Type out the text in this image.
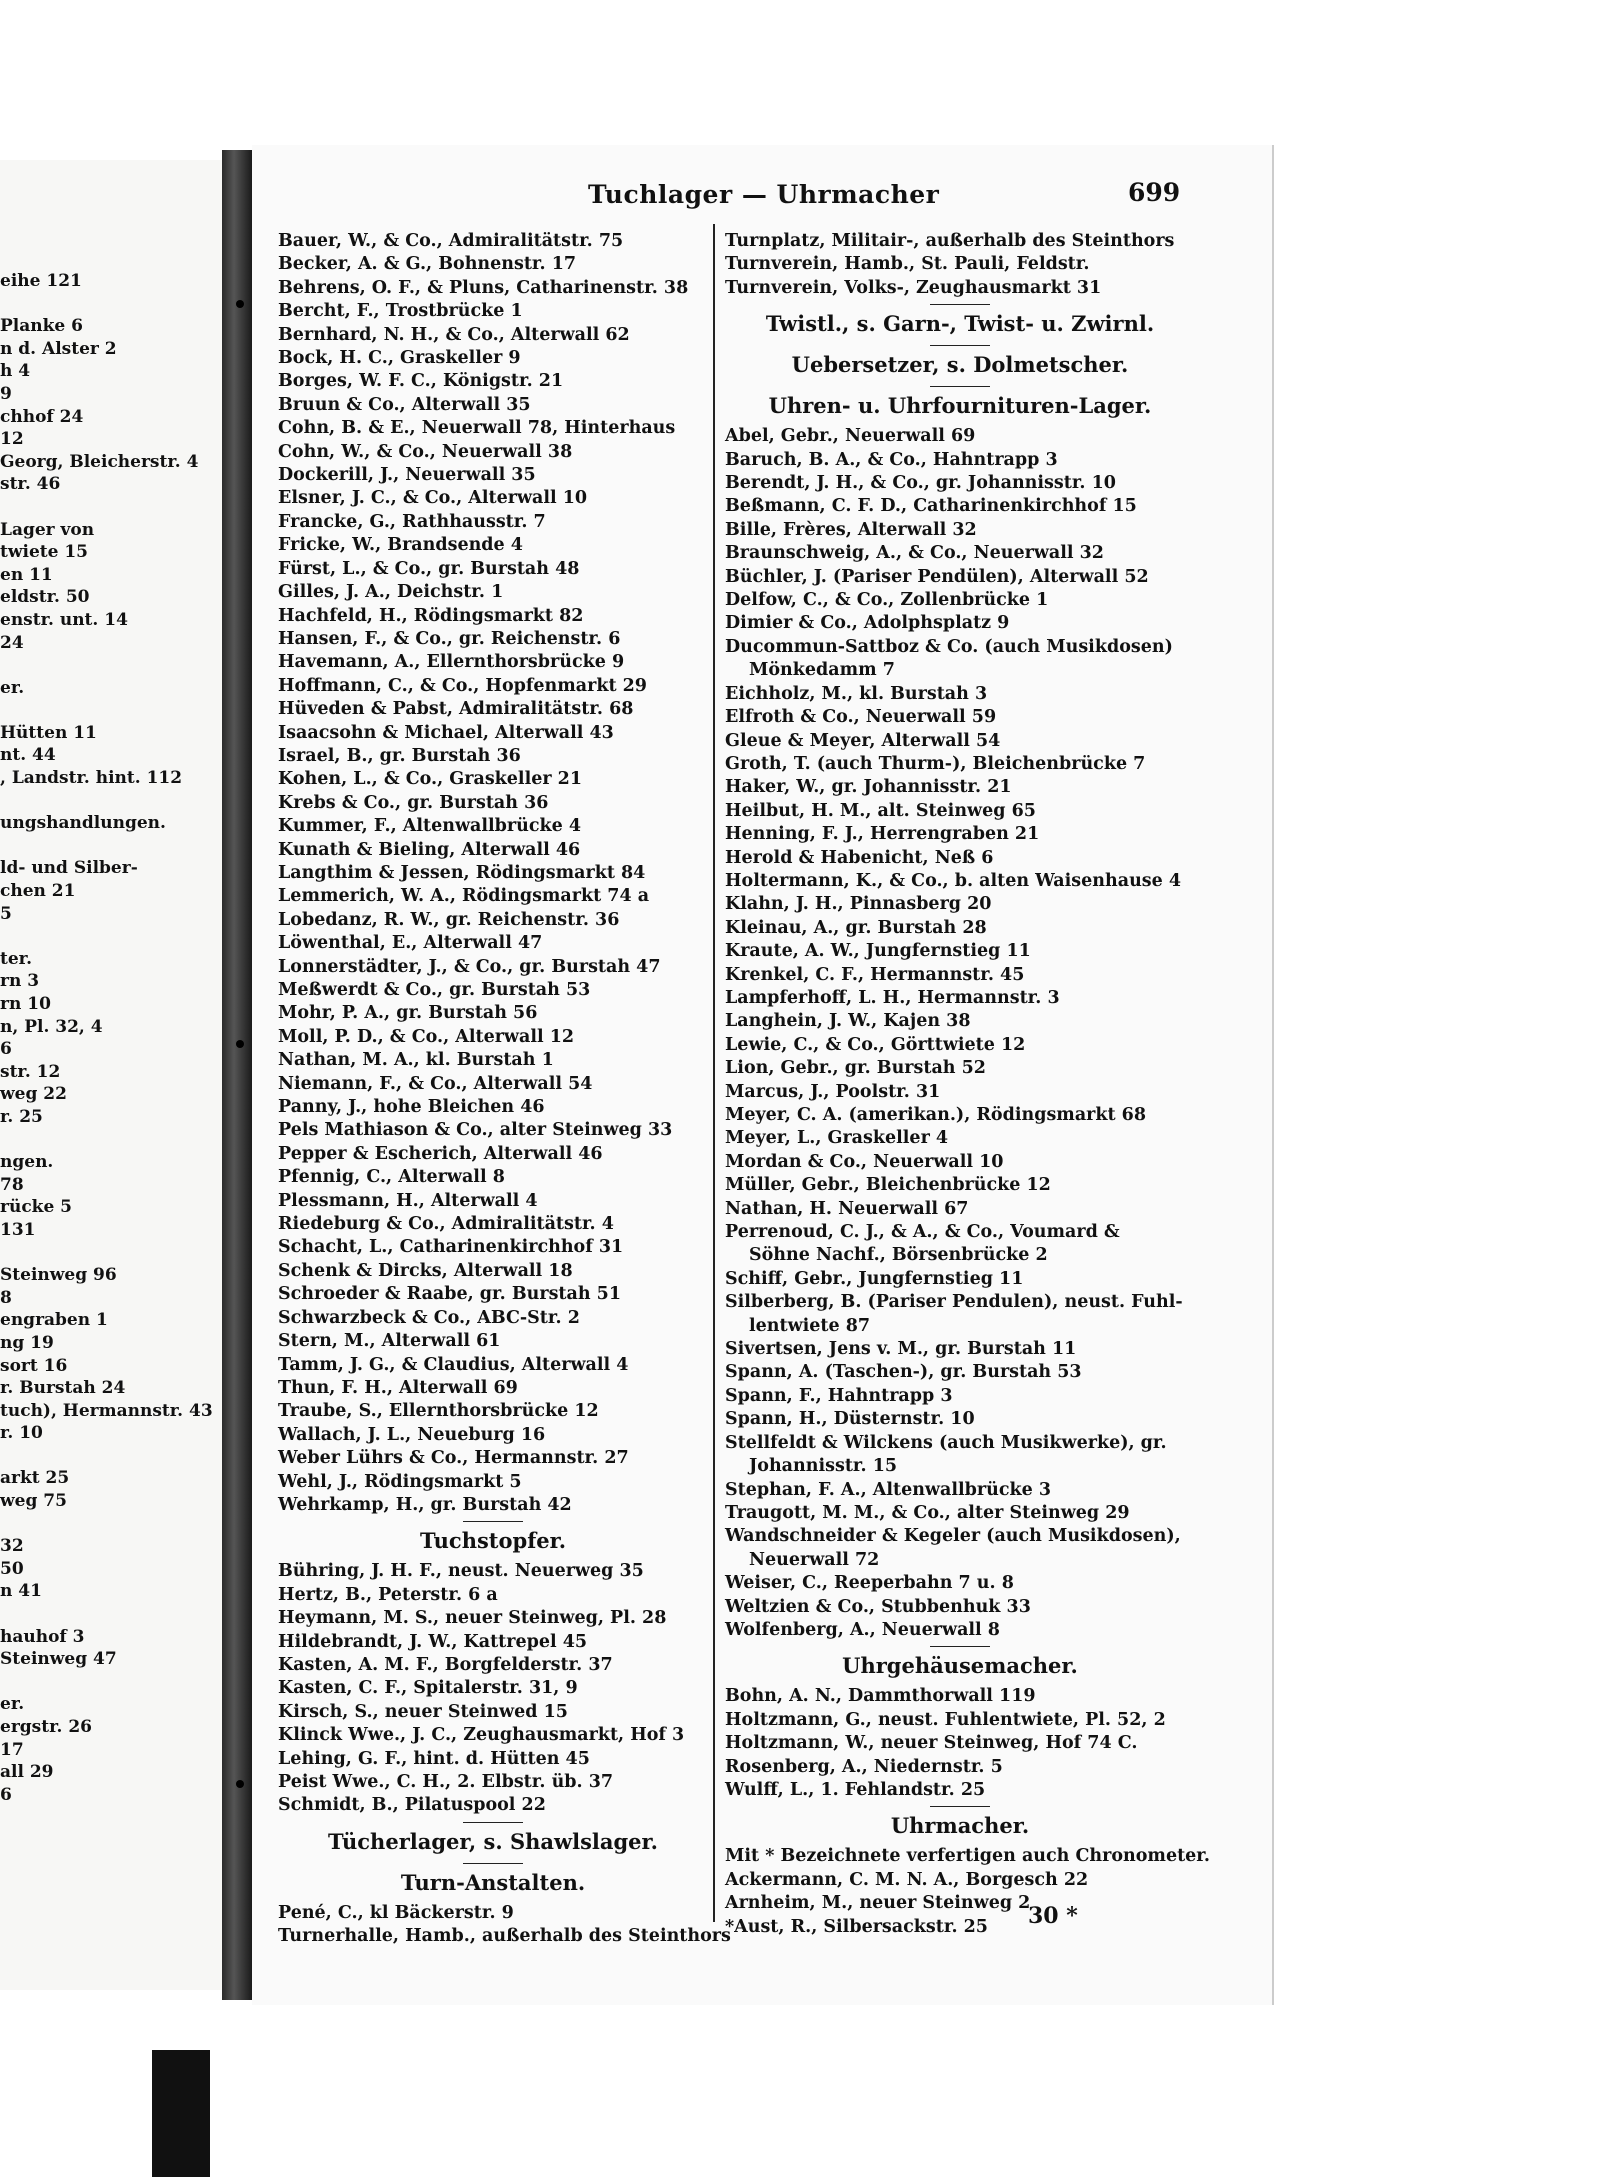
eihe 121
Planke 6
n d. Alster 2
h 4
9
chhof 24
12
Georg, Bleicherstr. 4
str. 46
Lager von
twiete 15
en 11
eldstr. 50
enstr. unt. 14
24
er.
Hütten 11
nt. 44
, Landstr. hint. 112
ungshandlungen.
ld- und Silber-
chen 21
5
ter.
rn 3
rn 10
n, Pl. 32, 4
6
str. 12
weg 22
r. 25
ngen.
78
rücke 5
131
Steinweg 96
8
engraben 1
ng 19
sort 16
r. Burstah 24
tuch), Hermannstr. 43
r. 10
arkt 25
weg 75
32
50
n 41
hauhof 3
Steinweg 47
er.
ergstr. 26
17
all 29
6
Tuchlager — Uhrmacher	699
Bauer, W., & Co., Admiralitätstr. 75
Becker, A. & G., Bohnenstr. 17
Behrens, O. F., & Pluns, Catharinenstr. 38
Bercht, F., Trostbrücke 1
Bernhard, N. H., & Co., Alterwall 62
Bock, H. C., Graskeller 9
Borges, W. F. C., Königstr. 21
Bruun & Co., Alterwall 35
Cohn, B. & E., Neuerwall 78, Hinterhaus
Cohn, W., & Co., Neuerwall 38
Dockerill, J., Neuerwall 35
Elsner, J. C., & Co., Alterwall 10
Francke, G., Rathhausstr. 7
Fricke, W., Brandsende 4
Fürst, L., & Co., gr. Burstah 48
Gilles, J. A., Deichstr. 1
Hachfeld, H., Rödingsmarkt 82
Hansen, F., & Co., gr. Reichenstr. 6
Havemann, A., Ellernthorsbrücke 9
Hoffmann, C., & Co., Hopfenmarkt 29
Hüveden & Pabst, Admiralitätstr. 68
Isaacsohn & Michael, Alterwall 43
Israel, B., gr. Burstah 36
Kohen, L., & Co., Graskeller 21
Krebs & Co., gr. Burstah 36
Kummer, F., Altenwallbrücke 4
Kunath & Bieling, Alterwall 46
Langthim & Jessen, Rödingsmarkt 84
Lemmerich, W. A., Rödingsmarkt 74 a
Lobedanz, R. W., gr. Reichenstr. 36
Löwenthal, E., Alterwall 47
Lonnerstädter, J., & Co., gr. Burstah 47
Meßwerdt & Co., gr. Burstah 53
Mohr, P. A., gr. Burstah 56
Moll, P. D., & Co., Alterwall 12
Nathan, M. A., kl. Burstah 1
Niemann, F., & Co., Alterwall 54
Panny, J., hohe Bleichen 46
Pels Mathiason & Co., alter Steinweg 33
Pepper & Escherich, Alterwall 46
Pfennig, C., Alterwall 8
Plessmann, H., Alterwall 4
Riedeburg & Co., Admiralitätstr. 4
Schacht, L., Catharinenkirchhof 31
Schenk & Dircks, Alterwall 18
Schroeder & Raabe, gr. Burstah 51
Schwarzbeck & Co., ABC-Str. 2
Stern, M., Alterwall 61
Tamm, J. G., & Claudius, Alterwall 4
Thun, F. H., Alterwall 69
Traube, S., Ellernthorsbrücke 12
Wallach, J. L., Neueburg 16
Weber Lührs & Co., Hermannstr. 27
Wehl, J., Rödingsmarkt 5
Wehrkamp, H., gr. Burstah 42
Tuchstopfer.
Bühring, J. H. F., neust. Neuerweg 35
Hertz, B., Peterstr. 6 a
Heymann, M. S., neuer Steinweg, Pl. 28
Hildebrandt, J. W., Kattrepel 45
Kasten, A. M. F., Borgfelderstr. 37
Kasten, C. F., Spitalerstr. 31, 9
Kirsch, S., neuer Steinwed 15
Klinck Wwe., J. C., Zeughausmarkt, Hof 3
Lehing, G. F., hint. d. Hütten 45
Peist Wwe., C. H., 2. Elbstr. üb. 37
Schmidt, B., Pilatuspool 22
Tücherlager, s. Shawlslager.
Turn-Anstalten.
Pené, C., kl Bäckerstr. 9
Turnerhalle, Hamb., außerhalb des Steinthors
Turnplatz, Militair-, außerhalb des Steinthors
Turnverein, Hamb., St. Pauli, Feldstr.
Turnverein, Volks-, Zeughausmarkt 31
Twistl., s. Garn-, Twist- u. Zwirnl.
Uebersetzer, s. Dolmetscher.
Uhren- u. Uhrfournituren-Lager.
Abel, Gebr., Neuerwall 69
Baruch, B. A., & Co., Hahntrapp 3
Berendt, J. H., & Co., gr. Johannisstr. 10
Beßmann, C. F. D., Catharinenkirchhof 15
Bille, Frères, Alterwall 32
Braunschweig, A., & Co., Neuerwall 32
Büchler, J. (Pariser Pendülen), Alterwall 52
Delfow, C., & Co., Zollenbrücke 1
Dimier & Co., Adolphsplatz 9
Ducommun-Sattboz & Co. (auch Musikdosen)
Mönkedamm 7
Eichholz, M., kl. Burstah 3
Elfroth & Co., Neuerwall 59
Gleue & Meyer, Alterwall 54
Groth, T. (auch Thurm-), Bleichenbrücke 7
Haker, W., gr. Johannisstr. 21
Heilbut, H. M., alt. Steinweg 65
Henning, F. J., Herrengraben 21
Herold & Habenicht, Neß 6
Holtermann, K., & Co., b. alten Waisenhause 4
Klahn, J. H., Pinnasberg 20
Kleinau, A., gr. Burstah 28
Kraute, A. W., Jungfernstieg 11
Krenkel, C. F., Hermannstr. 45
Lampferhoff, L. H., Hermannstr. 3
Langhein, J. W., Kajen 38
Lewie, C., & Co., Görttwiete 12
Lion, Gebr., gr. Burstah 52
Marcus, J., Poolstr. 31
Meyer, C. A. (amerikan.), Rödingsmarkt 68
Meyer, L., Graskeller 4
Mordan & Co., Neuerwall 10
Müller, Gebr., Bleichenbrücke 12
Nathan, H. Neuerwall 67
Perrenoud, C. J., & A., & Co., Voumard &
Söhne Nachf., Börsenbrücke 2
Schiff, Gebr., Jungfernstieg 11
Silberberg, B. (Pariser Pendulen), neust. Fuhl-
lentwiete 87
Sivertsen, Jens v. M., gr. Burstah 11
Spann, A. (Taschen-), gr. Burstah 53
Spann, F., Hahntrapp 3
Spann, H., Düsternstr. 10
Stellfeldt & Wilckens (auch Musikwerke), gr.
Johannisstr. 15
Stephan, F. A., Altenwallbrücke 3
Traugott, M. M., & Co., alter Steinweg 29
Wandschneider & Kegeler (auch Musikdosen),
Neuerwall 72
Weiser, C., Reeperbahn 7 u. 8
Weltzien & Co., Stubbenhuk 33
Wolfenberg, A., Neuerwall 8
Uhrgehäusemacher.
Bohn, A. N., Dammthorwall 119
Holtzmann, G., neust. Fuhlentwiete, Pl. 52, 2
Holtzmann, W., neuer Steinweg, Hof 74 C.
Rosenberg, A., Niedernstr. 5
Wulff, L., 1. Fehlandstr. 25
Uhrmacher.
Mit * Bezeichnete verfertigen auch Chronometer.
Ackermann, C. M. N. A., Borgesch 22
Arnheim, M., neuer Steinweg 2
*Aust, R., Silbersackstr. 25	30 *
